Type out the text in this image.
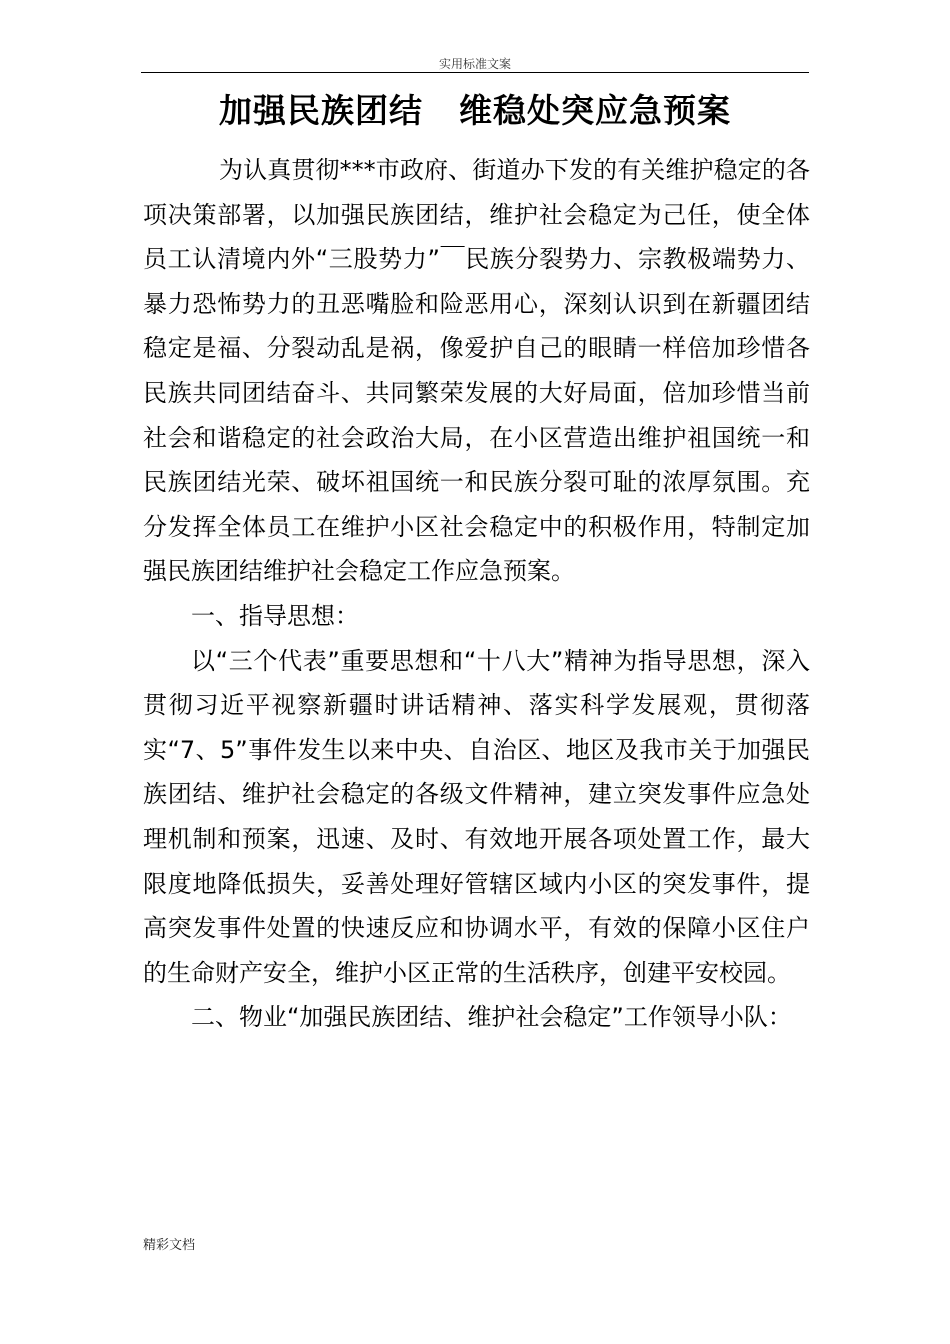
实用标准文案
加强民族团结 维稳处突应急预案

为认真贯彻***市政府、街道办下发的有关维护稳定的各项决策部署，以加强民族团结，维护社会稳定为己任，使全体员工认清境内外“三股势力”￣民族分裂势力、宗教极端势力、暴力恐怖势力的丑恶嘴脸和险恶用心，深刻认识到在新疆团结稳定是福、分裂动乱是祸，像爱护自己的眼睛一样倍加珍惜各民族共同团结奋斗、共同繁荣发展的大好局面，倍加珍惜当前社会和谐稳定的社会政治大局，在小区营造出维护祖国统一和民族团结光荣、破坏祖国统一和民族分裂可耻的浓厚氛围。充分发挥全体员工在维护小区社会稳定中的积极作用，特制定加强民族团结维护社会稳定工作应急预案。

一、指导思想：

以“三个代表”重要思想和“十八大”精神为指导思想，深入贯彻习近平视察新疆时讲话精神、落实科学发展观，贯彻落实“7、5”事件发生以来中央、自治区、地区及我市关于加强民族团结、维护社会稳定的各级文件精神，建立突发事件应急处理机制和预案，迅速、及时、有效地开展各项处置工作，最大限度地降低损失，妥善处理好管辖区域内小区的突发事件，提高突发事件处置的快速反应和协调水平，有效的保障小区住户的生命财产安全，维护小区正常的生活秩序，创建平安校园。

二、物业“加强民族团结、维护社会稳定”工作领导小队：

精彩文档
